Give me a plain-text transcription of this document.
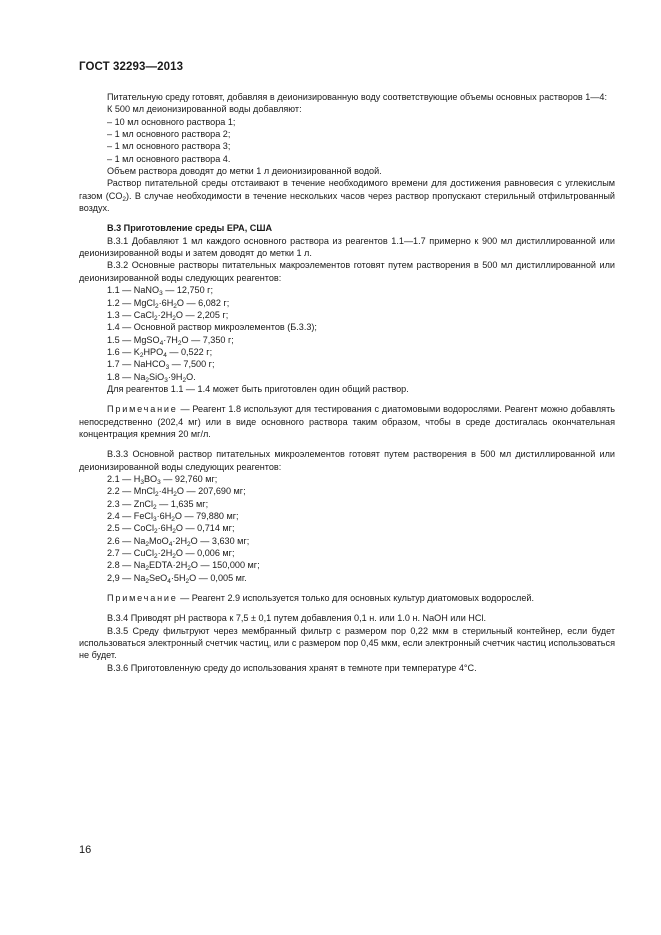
ГОСТ 32293—2013

Питательную среду готовят, добавляя в деионизированную воду соответствующие объемы основных растворов 1—4:

К 500 мл деионизированной воды добавляют:

– 10 мл основного раствора 1;

– 1 мл основного раствора 2;

– 1 мл основного раствора 3;

– 1 мл основного раствора 4.

Объем раствора доводят до метки 1 л деионизированной водой.

Раствор питательной среды отстаивают в течение необходимого времени для достижения равновесия с углекислым газом $(CO_2)$. В случае необходимости в течение нескольких часов через раствор пропускают стерильный отфильтрованный воздух.

В.3 Приготовление среды ЕРА, США

В.3.1 Добавляют 1 мл каждого основного раствора из реагентов 1.1—1.7 примерно к 900 мл дистиллированной или деионизированной воды и затем доводят до метки 1 л.

В.3.2 Основные растворы питательных макроэлементов готовят путем растворения в 500 мл дистиллированной или деионизированной воды следующих реагентов:

1.1 — NaNO$_3$ — 12,750 г;

1.2 — $MgCl_2\cdot 6H_2O$ — 6,082 г;

1.3 — $CaCl_2\cdot 2H_2O$ — 2,205 г;

1.4 — Основной раствор микроэлементов (Б.3.3);

1.5 — $MgSO_4\cdot 7H_2O$ — 7,350 г;

1.6 — $K_2HPO_4$ — 0,522 г;

1.7 — NaHCO$_3$ — 7,500 г;

1.8 — $Na_2SiO_3\cdot 9H_2O$.

Для реагентов 1.1 — 1.4 может быть приготовлен один общий раствор.

Примечание — Реагент 1.8 используют для тестирования с диатомовыми водорослями. Реагент можно добавлять непосредственно (202,4 мг) или в виде основного раствора таким образом, чтобы в среде достигалась окончательная концентрация кремния 20 мг/л.

В.3.3 Основной раствор питательных микроэлементов готовят путем растворения в 500 мл дистиллированной или деионизированной воды следующих реагентов:

2.1 — $H_3BO_3$ — 92,760 мг;

2.2 — $MnCl_2\cdot 4H_2O$ — 207,690 мг;

2.3 — ZnCl$_2$ — 1,635 мг;

2.4 — $FeCl_3\cdot 6H_2O$ — 79,880 мг;

2.5 — $CoCl_2\cdot 6H_2O$ — 0,714 мг;

2.6 — $Na_2MoO_4\cdot 2H_2O$ — 3,630 мг;

2.7 — $CuCl_2\cdot 2H_2O$ — 0,006 мг;

2.8 — $Na_2EDTA\cdot 2H_2O$ — 150,000 мг;

2,9 — $Na_2SeO_4\cdot 5H_2O$ — 0,005 мг.

Примечание — Реагент 2.9 используется только для основных культур диатомовых водорослей.

В.3.4 Приводят pH раствора к 7,5 ± 0,1 путем добавления 0,1 н. или 1.0 н. NaOH или HCl.

В.3.5 Среду фильтруют через мембранный фильтр с размером пор 0,22 мкм в стерильный контейнер, если будет использоваться электронный счетчик частиц, или с размером пор 0,45 мкм, если электронный счетчик частиц использоваться не будет.

В.3.6 Приготовленную среду до использования хранят в темноте при температуре 4°C.

16
